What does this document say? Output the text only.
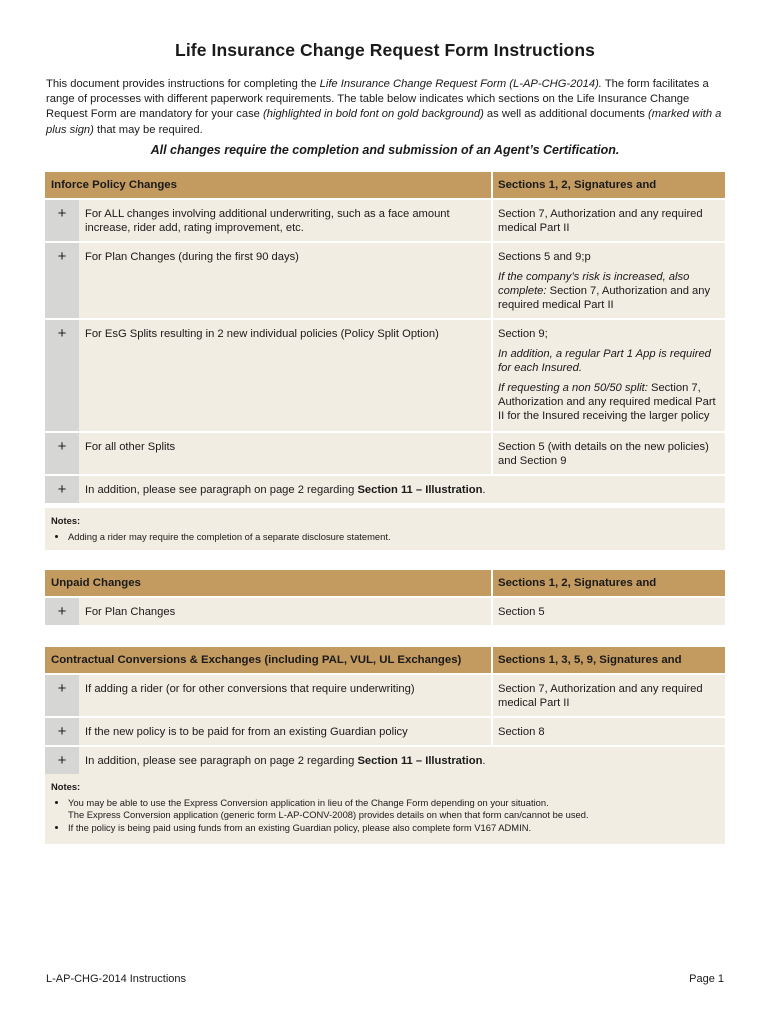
Life Insurance Change Request Form Instructions
This document provides instructions for completing the Life Insurance Change Request Form (L-AP-CHG-2014). The form facilitates a range of processes with different paperwork requirements. The table below indicates which sections on the Life Insurance Change Request Form are mandatory for your case (highlighted in bold font on gold background) as well as additional documents (marked with a plus sign) that may be required.
All changes require the completion and submission of an Agent’s Certification.
Inforce Policy Changes		Sections 1, 2, Signatures and
+	For ALL changes involving additional underwriting, such as a face amount increase, rider add, rating improvement, etc.	Section 7, Authorization and any required medical Part II
+	For Plan Changes (during the first 90 days)	Sections 5 and 9;p

If the company’s risk is increased, also complete: Section 7, Authorization and any required medical Part II

+	For EsG Splits resulting in 2 new individual policies (Policy Split Option)	Section 9;

In addition, a regular Part 1 App is required for each Insured.

If requesting a non 50/50 split: Section 7, Authorization and any required medical Part II for the Insured receiving the larger policy

+	For all other Splits	Section 5 (with details on the new policies) and Section 9
+	In addition, please see paragraph on page 2 regarding Section 11 – Illustration.	
Notes:
• Adding a rider may require the completion of a separate disclosure statement.
Unpaid Changes		Sections 1, 2, Signatures and
+	For Plan Changes	Section 5
Contractual Conversions & Exchanges (including PAL, VUL, UL Exchanges)		Sections 1, 3, 5, 9, Signatures and
+	If adding a rider (or for other conversions that require underwriting)	Section 7, Authorization and any required medical Part II
+	If the new policy is to be paid for from an existing Guardian policy	Section 8
+	In addition, please see paragraph on page 2 regarding Section 11 – Illustration.	
Notes:
• You may be able to use the Express Conversion application in lieu of the Change Form depending on your situation.
The Express Conversion application (generic form L-AP-CONV-2008) provides details on when that form can/cannot be used.
• If the policy is being paid using funds from an existing Guardian policy, please also complete form V167 ADMIN.
L-AP-CHG-2014 Instructions	Page 1
